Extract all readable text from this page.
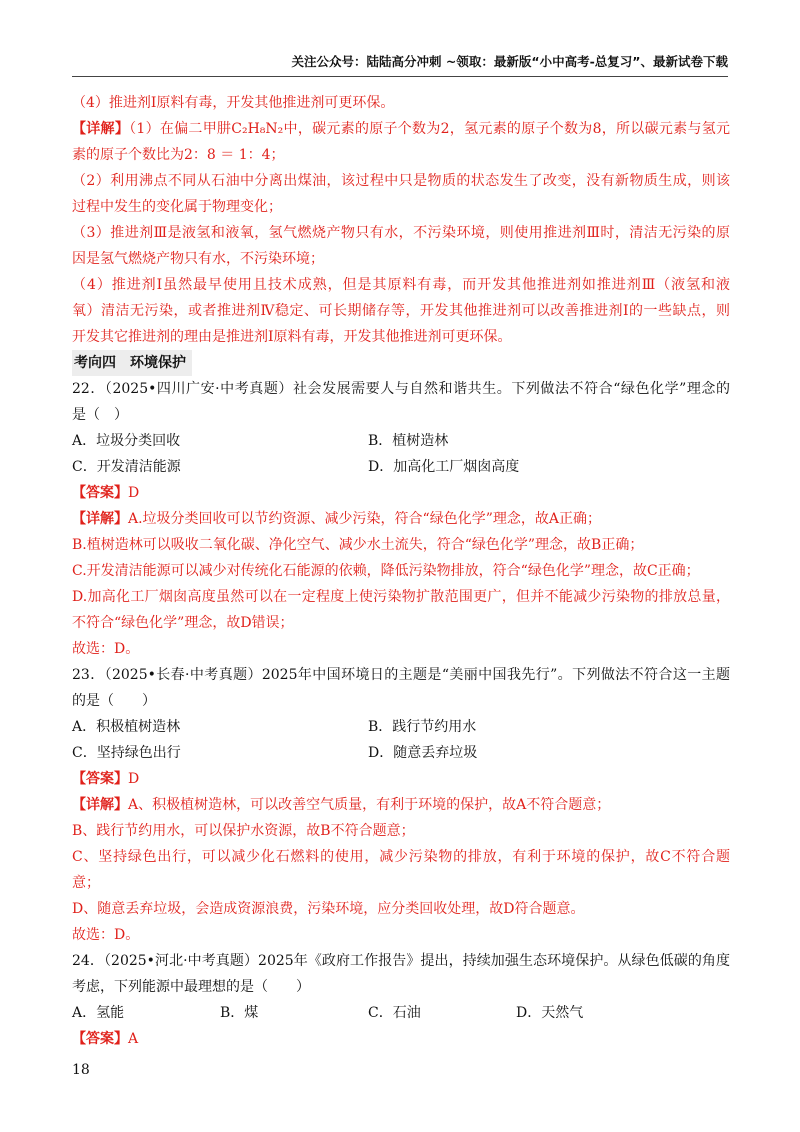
关注公众号：陆陆高分冲刺 ~领取：最新版“小中高考-总复习”、最新试卷下载
（4）推进剂Ⅰ原料有毒，开发其他推进剂可更环保。
【详解】（1）在偏二甲肼C₂H₈N₂中，碳元素的原子个数为2，氢元素的原子个数为8，所以碳元素与氢元
素的原子个数比为2：8 ＝ 1：4；
（2）利用沸点不同从石油中分离出煤油，该过程中只是物质的状态发生了改变，没有新物质生成，则该
过程中发生的变化属于物理变化；
（3）推进剂Ⅲ是液氢和液氧，氢气燃烧产物只有水，不污染环境，则使用推进剂Ⅲ时，清洁无污染的原
因是氢气燃烧产物只有水，不污染环境；
（4）推进剂Ⅰ虽然最早使用且技术成熟，但是其原料有毒，而开发其他推进剂如推进剂Ⅲ（液氢和液
氧）清洁无污染，或者推进剂Ⅳ稳定、可长期储存等，开发其他推进剂可以改善推进剂Ⅰ的一些缺点，则
开发其它推进剂的理由是推进剂Ⅰ原料有毒，开发其他推进剂可更环保。
考向四　环境保护
22．（2025•四川广安·中考真题）社会发展需要人与自然和谐共生。下列做法不符合“绿色化学”理念的
是（　）
A．垃圾分类回收	B．植树造林
C．开发清洁能源	D．加高化工厂烟囱高度
【答案】D
【详解】A.垃圾分类回收可以节约资源、减少污染，符合“绿色化学”理念，故A正确；
B.植树造林可以吸收二氧化碳、净化空气、减少水土流失，符合“绿色化学”理念，故B正确；
C.开发清洁能源可以减少对传统化石能源的依赖，降低污染物排放，符合“绿色化学”理念，故C正确；
D.加高化工厂烟囱高度虽然可以在一定程度上使污染物扩散范围更广，但并不能减少污染物的排放总量，
不符合“绿色化学”理念，故D错误；
故选：D。
23．（2025•长春·中考真题）2025年中国环境日的主题是“美丽中国我先行”。下列做法不符合这一主题
的是（　　）
A．积极植树造林	B．践行节约用水
C．坚持绿色出行	D．随意丢弃垃圾
【答案】D
【详解】A、积极植树造林，可以改善空气质量，有利于环境的保护，故A不符合题意；
B、践行节约用水，可以保护水资源，故B不符合题意；
C、坚持绿色出行，可以减少化石燃料的使用，减少污染物的排放，有利于环境的保护，故C不符合题
意；
D、随意丢弃垃圾，会造成资源浪费，污染环境，应分类回收处理，故D符合题意。
故选：D。
24．（2025•河北·中考真题）2025年《政府工作报告》提出，持续加强生态环境保护。从绿色低碳的角度
考虑，下列能源中最理想的是（　　）
A．氢能	B．煤	C．石油	D．天然气
【答案】A
18
